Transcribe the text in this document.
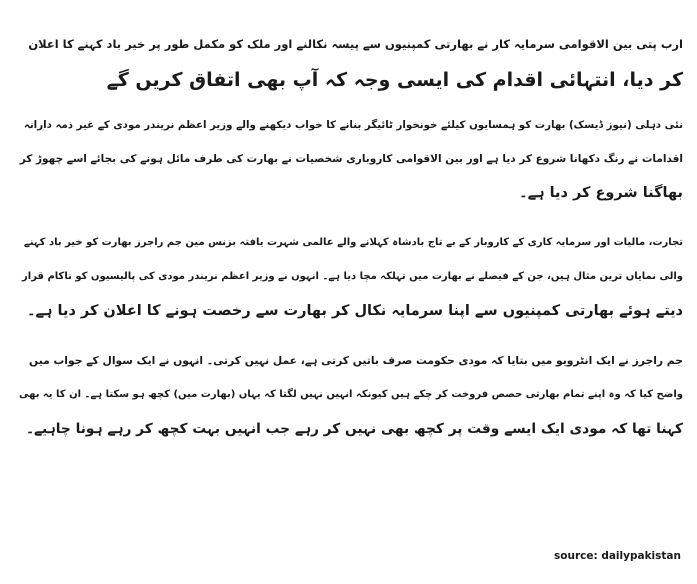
ارب پتی بین الاقوامی سرمایہ کار نے بھارتی کمپنیوں سے پیسہ نکالنے اور ملک کو مکمل طور پر خیر باد کہنے کا اعلان
کر دیا، انتہائی اقدام کی ایسی وجہ کہ آپ بھی اتفاق کریں گے
نئی دہلی (نیوز ڈیسک) بھارت کو ہمسایوں کیلئے خونخوار ٹائیگر بنانے کا خواب دیکھنے والے وزیر اعظم نریندر مودی کے غیر ذمہ دارانہ
اقدامات نے رنگ دکھانا شروع کر دیا ہے اور بین الاقوامی کاروباری شخصیات نے بھارت کی طرف مائل ہونے کی بجائے اسے چھوڑ کر
بھاگنا شروع کر دیا ہے۔
تجارت، مالیات اور سرمایہ کاری کے کاروبار کے بے تاج بادشاہ کہلانے والے عالمی شہرت یافتہ بزنس مین جم راجرز بھارت کو خیر باد کہنے
والی نمایاں ترین مثال ہیں، جن کے فیصلے نے بھارت میں تہلکہ مچا دیا ہے۔ انہوں نے وزیر اعظم نریندر مودی کی پالیسیوں کو ناکام قرار
دیتے ہوئے بھارتی کمپنیوں سے اپنا سرمایہ نکال کر بھارت سے رخصت ہونے کا اعلان کر دیا ہے۔
جم راجرز نے ایک انٹرویو میں بتایا کہ مودی حکومت صرف باتیں کرتی ہے، عمل نہیں کرتی۔ انہوں نے ایک سوال کے جواب میں
واضح کیا کہ وہ اپنے تمام بھارتی حصص فروخت کر چکے ہیں کیونکہ انہیں نہیں لگتا کہ یہاں (بھارت میں) کچھ ہو سکتا ہے۔ ان کا یہ بھی
کہنا تھا کہ مودی ایک ایسے وقت پر کچھ بھی نہیں کر رہے جب انہیں بہت کچھ کر رہے ہونا چاہیے۔
source: dailypakistan
